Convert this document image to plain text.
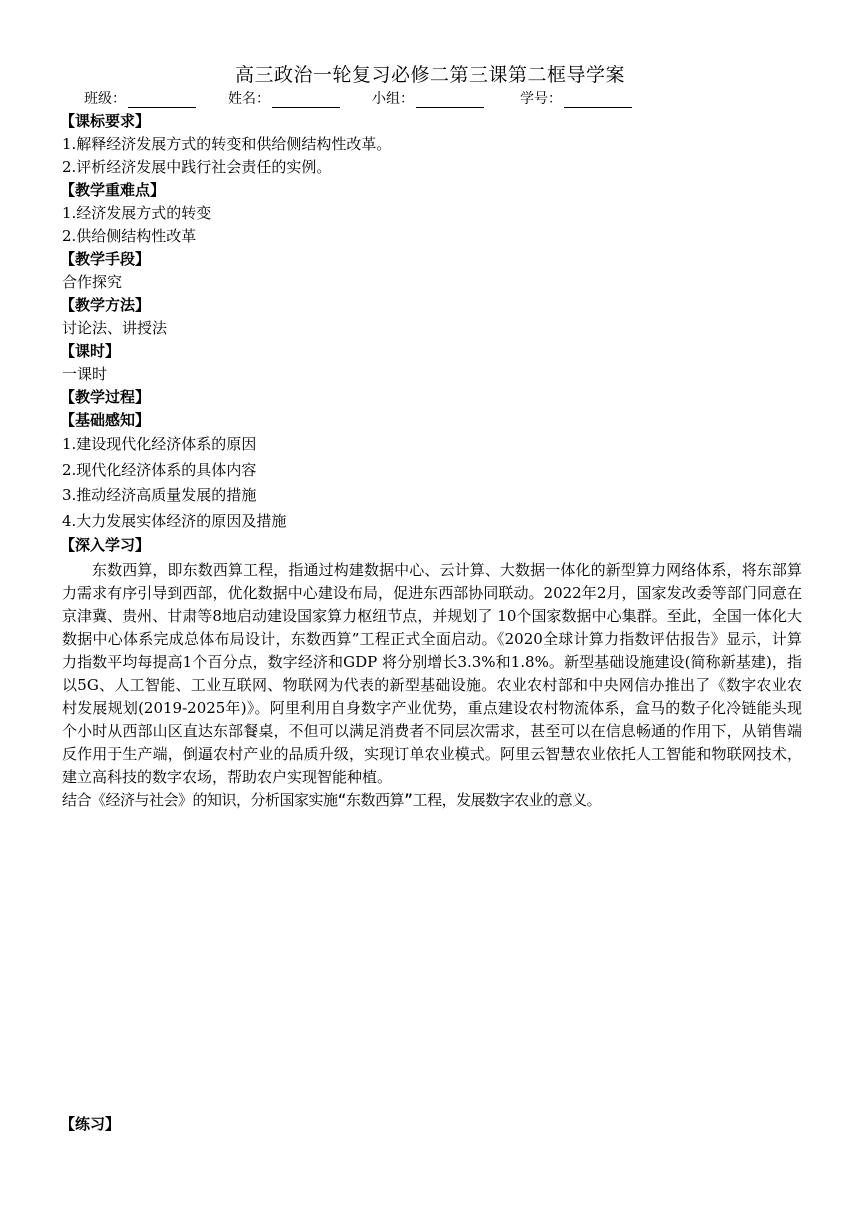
高三政治一轮复习必修二第三课第二框导学案
班级：	姓名：	小组：	学号：
【课标要求】
1.解释经济发展方式的转变和供给侧结构性改革。
2.评析经济发展中践行社会责任的实例。
【教学重难点】
1.经济发展方式的转变
2.供给侧结构性改革
【教学手段】
合作探究
【教学方法】
讨论法、讲授法
【课时】
一课时
【教学过程】
【基础感知】
1.建设现代化经济体系的原因
2.现代化经济体系的具体内容
3.推动经济高质量发展的措施
4.大力发展实体经济的原因及措施
【深入学习】
东数西算，即东数西算工程，指通过构建数据中心、云计算、大数据一体化的新型算力网络体系，将东部算力需求有序引导到西部，优化数据中心建设布局，促进东西部协同联动。2022年2月，国家发改委等部门同意在京津冀、贵州、甘肃等8地启动建设国家算力枢纽节点，并规划了 10个国家数据中心集群。至此，全国一体化大数据中心体系完成总体布局设计，东数西算”工程正式全面启动。《2020全球计算力指数评估报告》显示，计算力指数平均每提高1个百分点，数字经济和GDP 将分别增长3.3%和1.8%。新型基础设施建设(简称新基建)，指以5G、人工智能、工业互联网、物联网为代表的新型基础设施。农业农村部和中央网信办推出了《数字农业农村发展规划(2019-2025年)》。阿里利用自身数字产业优势，重点建设农村物流体系，盒马的数子化冷链能头现个小时从西部山区直达东部餐桌，不但可以满足消费者不同层次需求，甚至可以在信息畅通的作用下，从销售端反作用于生产端，倒逼农村产业的品质升级，实现订单农业模式。阿里云智慧农业依托人工智能和物联网技术，建立高科技的数字农场，帮助农户实现智能种植。
结合《经济与社会》的知识，分析国家实施“东数西算”工程，发展数字农业的意义。
【练习】
